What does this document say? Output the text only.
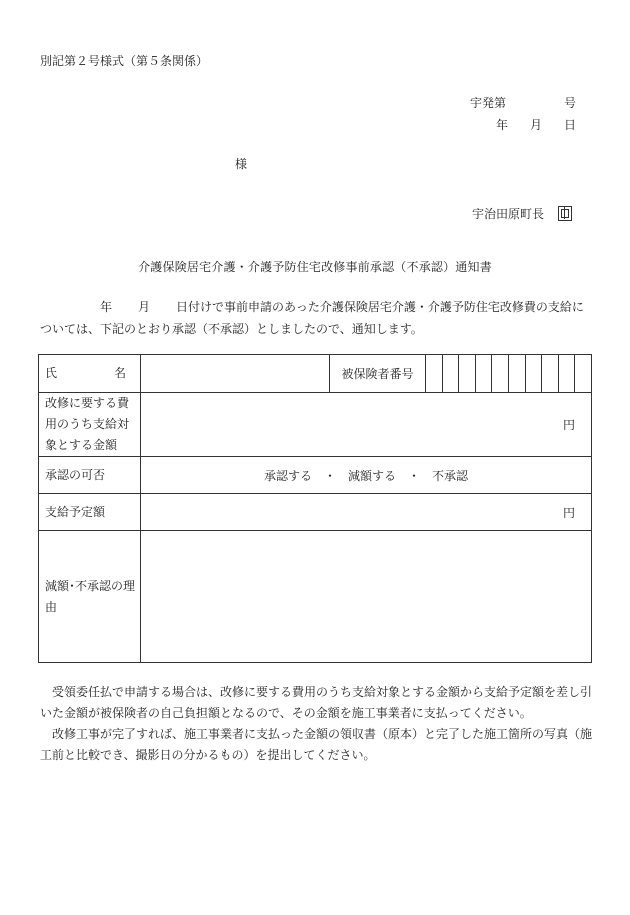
別記第２号様式（第５条関係）
宇発第	号
年 月 日
様
宇治田原町長
介護保険居宅介護・介護予防住宅改修事前承認（不承認）通知書
年 月 日付けで事前申請のあった介護保険居宅介護・介護予防住宅改修費の支給については、下記のとおり承認（不承認）としましたので、通知します。
氏 名		被保険者番号	

改修に要する費用のうち支給対象とする金額	円		
承認の可否	承認する　・　減額する　・　不承認		
支給予定額	円		
減額･不承認の理由			

受領委任払で申請する場合は、改修に要する費用のうち支給対象とする金額から支給予定額を差し引いた金額が被保険者の自己負担額となるので、その金額を施工事業者に支払ってください。

改修工事が完了すれば、施工事業者に支払った金額の領収書（原本）と完了した施工箇所の写真（施工前と比較でき、撮影日の分かるもの）を提出してください。
